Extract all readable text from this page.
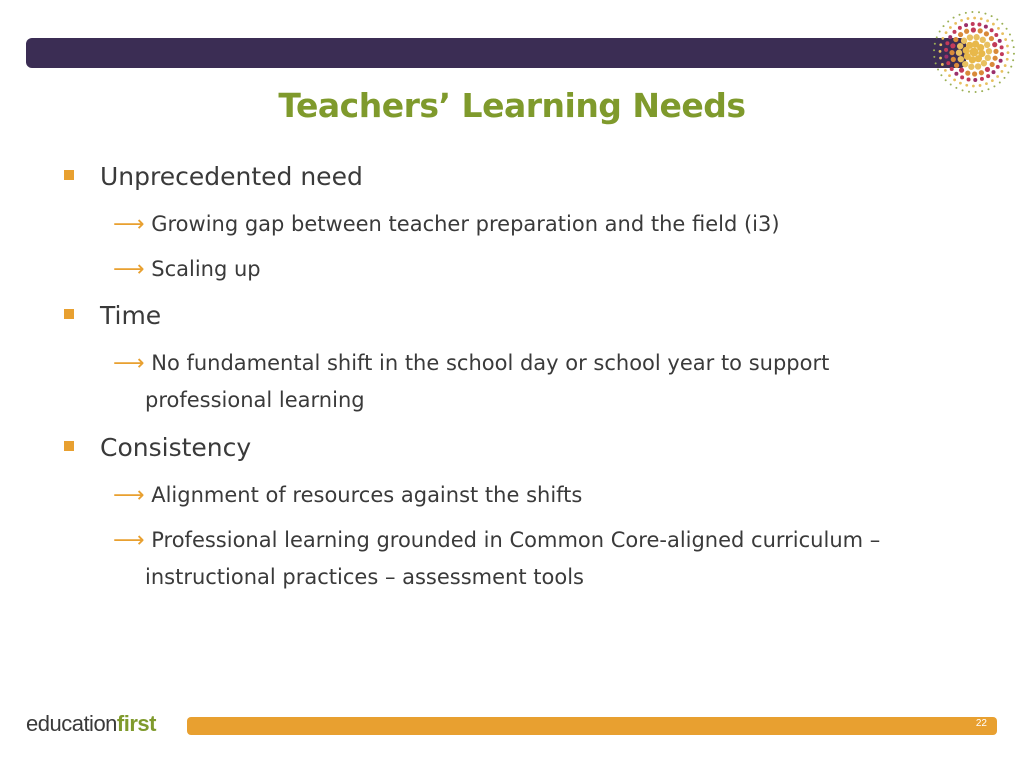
Teachers’ Learning Needs
Unprecedented need
⟶ Growing gap between teacher preparation and the field (i3)
⟶ Scaling up
Time
⟶ No fundamental shift in the school day or school year to support professional learning
Consistency
⟶ Alignment of resources against the shifts
⟶ Professional learning grounded in Common Core-aligned curriculum – instructional practices – assessment tools
educationfirst	22
